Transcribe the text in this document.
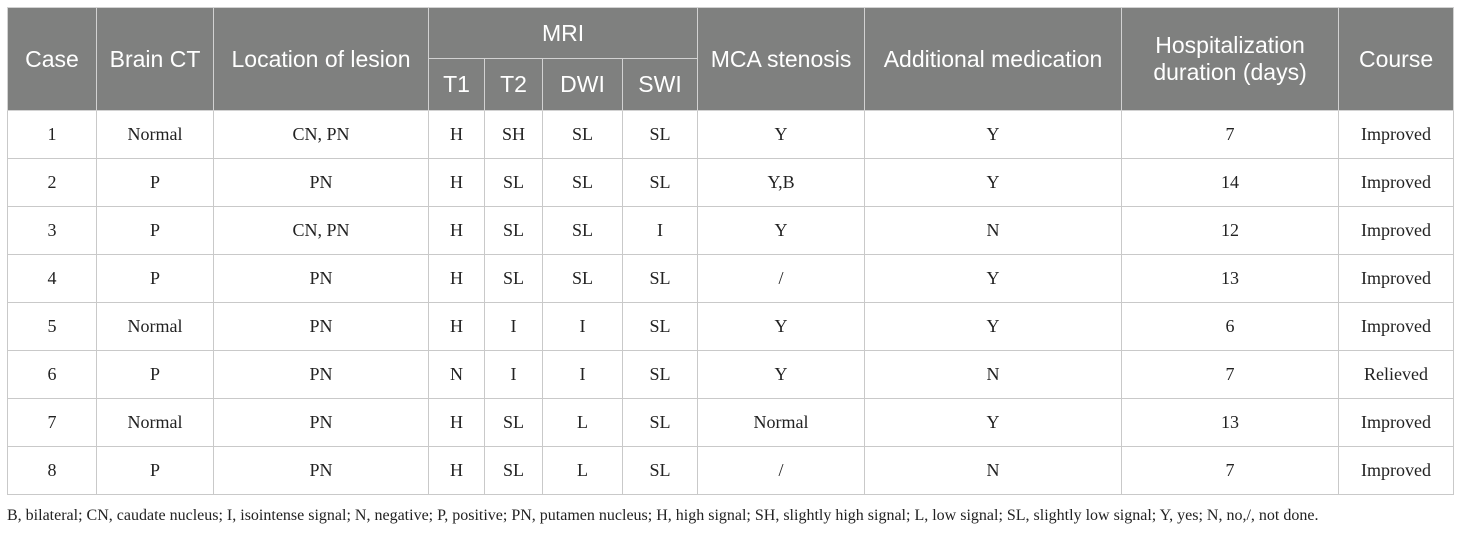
Case	Brain CT	Location of lesion	MRI				MCA stenosis	Additional medication	Hospitalization duration (days)	Course
			T1	T2	DWI	SWI				
1	Normal	CN, PN	H	SH	SL	SL	Y	Y	7	Improved
2	P	PN	H	SL	SL	SL	Y,B	Y	14	Improved
3	P	CN, PN	H	SL	SL	I	Y	N	12	Improved
4	P	PN	H	SL	SL	SL	/	Y	13	Improved
5	Normal	PN	H	I	I	SL	Y	Y	6	Improved
6	P	PN	N	I	I	SL	Y	N	7	Relieved
7	Normal	PN	H	SL	L	SL	Normal	Y	13	Improved
8	P	PN	H	SL	L	SL	/	N	7	Improved

B, bilateral; CN, caudate nucleus; I, isointense signal; N, negative; P, positive; PN, putamen nucleus; H, high signal; SH, slightly high signal; L, low signal; SL, slightly low signal; Y, yes; N, no,/, not done.
